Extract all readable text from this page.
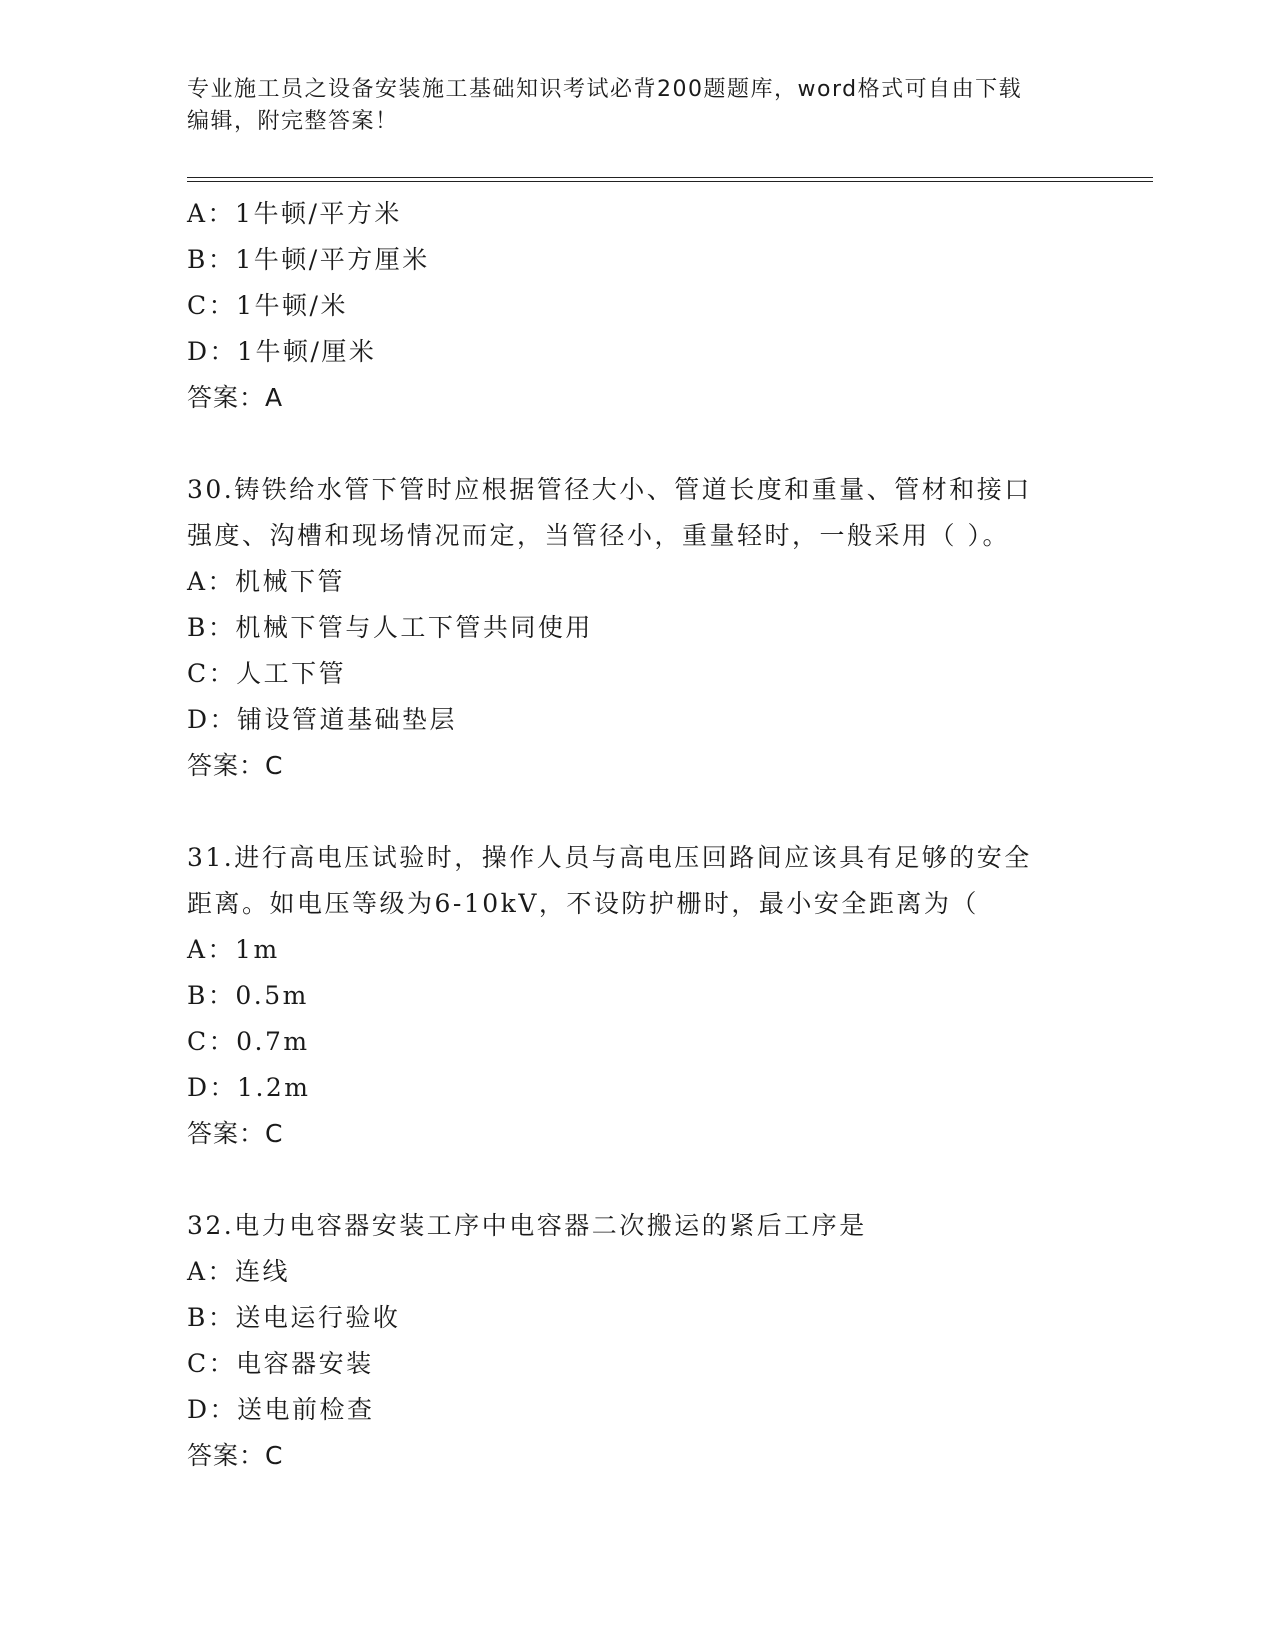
专业施工员之设备安装施工基础知识考试必背200题题库，word格式可自由下载
编辑，附完整答案！
A：1牛顿/平方米
B：1牛顿/平方厘米
C：1牛顿/米
D：1牛顿/厘米
答案：A
30.铸铁给水管下管时应根据管径大小、管道长度和重量、管材和接口
强度、沟槽和现场情况而定，当管径小，重量轻时，一般采用（ ）。
A：机械下管
B：机械下管与人工下管共同使用
C：人工下管
D：铺设管道基础垫层
答案：C
31.进行高电压试验时，操作人员与高电压回路间应该具有足够的安全
距离。如电压等级为6-10kV，不设防护栅时，最小安全距离为（
A：1m
B：0.5m
C：0.7m
D：1.2m
答案：C
32.电力电容器安装工序中电容器二次搬运的紧后工序是
A：连线
B：送电运行验收
C：电容器安装
D：送电前检查
答案：C
